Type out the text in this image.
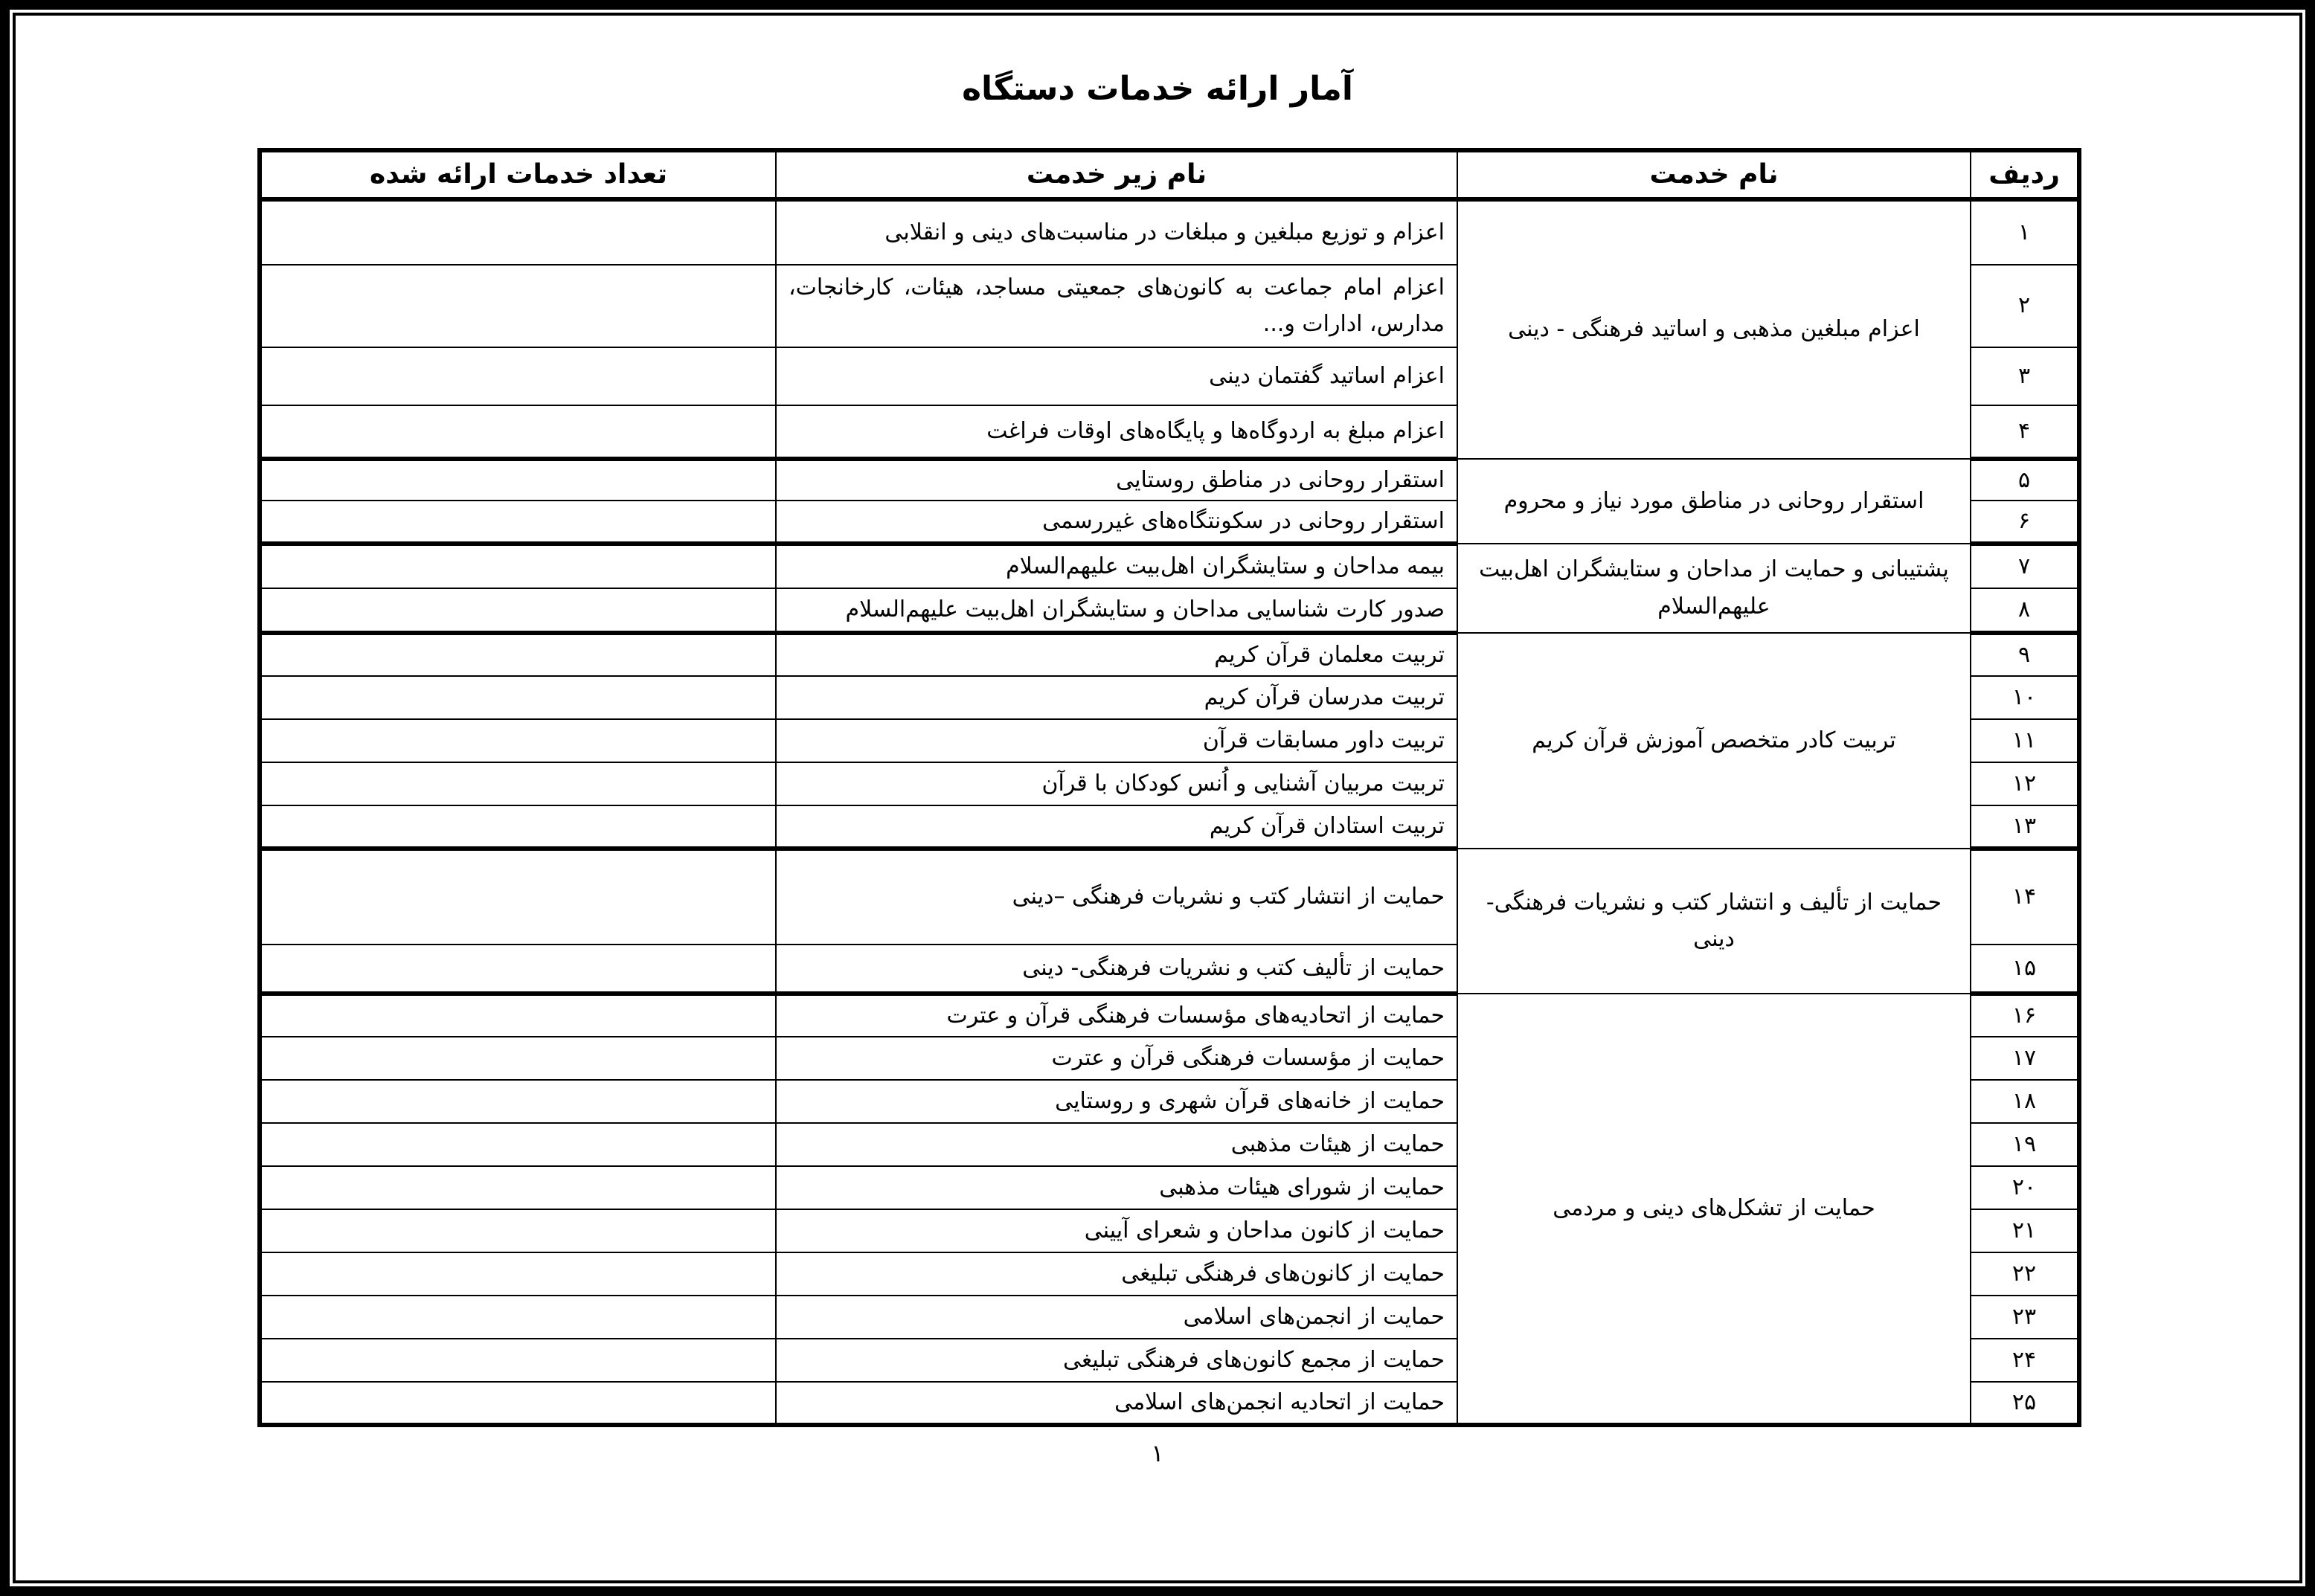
آمار ارائه خدمات دستگاه
ردیف	نام خدمت	نام زیر خدمت	تعداد خدمات ارائه شده
۱	اعزام مبلغین مذهبی و اساتید فرهنگی - دینی	اعزام و توزیع مبلغین و مبلغات در مناسبت‌های دینی و انقلابی	
۲		اعزام امام جماعت به کانون‌های جمعیتی مساجد، هیئات، کارخانجات، مدارس، ادارات و...	
۳		اعزام اساتید گفتمان دینی	
۴		اعزام مبلغ به اردوگاه‌ها و پایگاه‌های اوقات فراغت	
۵	استقرار روحانی در مناطق مورد نیاز و محروم	استقرار روحانی در مناطق روستایی	
۶		استقرار روحانی در سکونتگاه‌های غیررسمی	
۷	پشتیبانی و حمایت از مداحان و ستایشگران اهل‌بیت علیهم‌السلام	بیمه مداحان و ستایشگران اهل‌بیت علیهم‌السلام	
۸		صدور کارت شناسایی مداحان و ستایشگران اهل‌بیت علیهم‌السلام	
۹	تربیت کادر متخصص آموزش قرآن کریم	تربیت معلمان قرآن کریم	
۱۰		تربیت مدرسان قرآن کریم	
۱۱		تربیت داور مسابقات قرآن	
۱۲		تربیت مربیان آشنایی و اُنس کودکان با قرآن	
۱۳		تربیت استادان قرآن کریم	
۱۴	حمایت از تألیف و انتشار کتب و نشریات فرهنگی-دینی	حمایت از انتشار کتب و نشریات فرهنگی –دینی	
۱۵		حمایت از تألیف کتب و نشریات فرهنگی- دینی	
۱۶	حمایت از تشکل‌های دینی و مردمی	حمایت از اتحادیه‌های مؤسسات فرهنگی قرآن و عترت	
۱۷		حمایت از مؤسسات فرهنگی قرآن و عترت	
۱۸		حمایت از خانه‌های قرآن شهری و روستایی	
۱۹		حمایت از هیئات مذهبی	
۲۰		حمایت از شورای هیئات مذهبی	
۲۱		حمایت از کانون مداحان و شعرای آیینی	
۲۲		حمایت از کانون‌های فرهنگی تبلیغی	
۲۳		حمایت از انجمن‌های اسلامی	
۲۴		حمایت از مجمع کانون‌های فرهنگی تبلیغی	
۲۵		حمایت از اتحادیه انجمن‌های اسلامی	
۱
